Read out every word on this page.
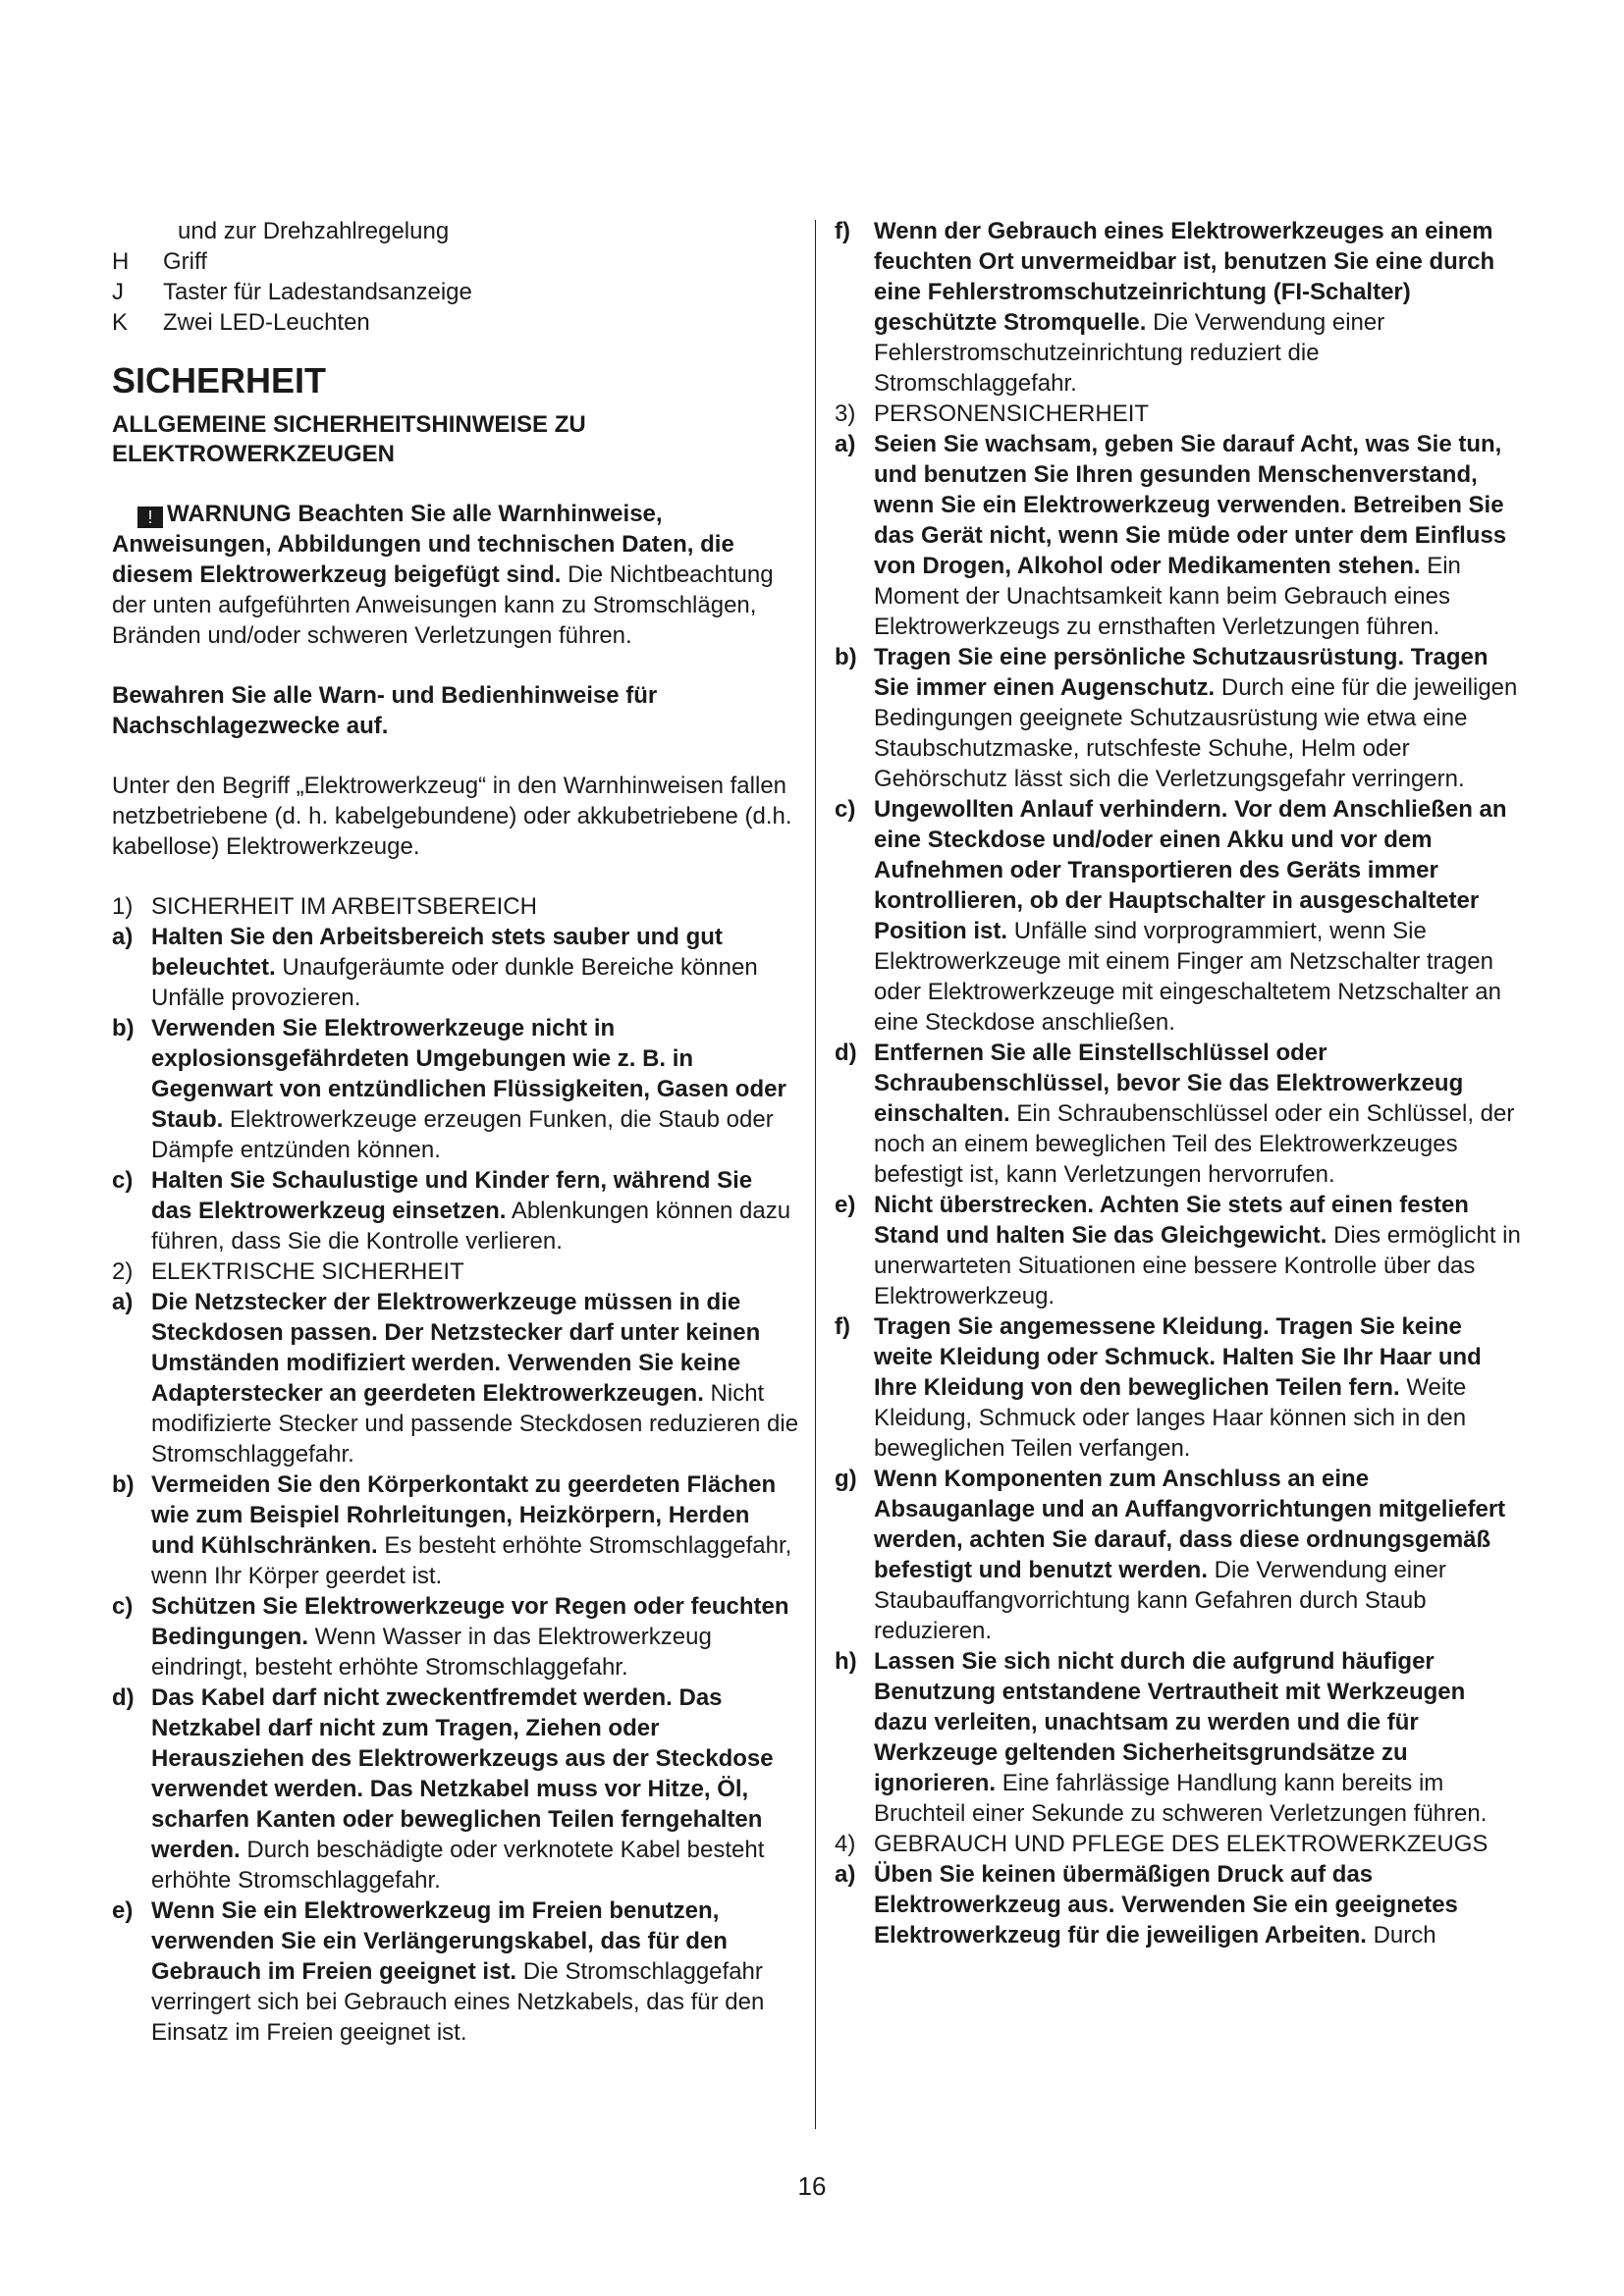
und zur Drehzahlregelung
H	Griff
J	Taster für Ladestandsanzeige
K	Zwei LED-Leuchten
SICHERHEIT
ALLGEMEINE SICHERHEITSHINWEISE ZU ELEKTROWERKZEUGEN

! WARNUNG Beachten Sie alle Warnhinweise, Anweisungen, Abbildungen und technischen Daten, die diesem Elektrowerkzeug beigefügt sind. Die Nichtbeachtung der unten aufgeführten Anweisungen kann zu Stromschlägen, Bränden und/oder schweren Verletzungen führen.

Bewahren Sie alle Warn- und Bedienhinweise für Nachschlagezwecke auf.

Unter den Begriff „Elektrowerkzeug“ in den Warnhinweisen fallen netzbetriebene (d. h. kabelgebundene) oder akkubetriebene (d.h. kabellose) Elektrowerkzeuge.

1) SICHERHEIT IM ARBEITSBEREICH
a) Halten Sie den Arbeitsbereich stets sauber und gut beleuchtet. Unaufgeräumte oder dunkle Bereiche können Unfälle provozieren.
b) Verwenden Sie Elektrowerkzeuge nicht in explosionsgefährdeten Umgebungen wie z. B. in Gegenwart von entzündlichen Flüssigkeiten, Gasen oder Staub. Elektrowerkzeuge erzeugen Funken, die Staub oder Dämpfe entzünden können.
c) Halten Sie Schaulustige und Kinder fern, während Sie das Elektrowerkzeug einsetzen. Ablenkungen können dazu führen, dass Sie die Kontrolle verlieren.
2) ELEKTRISCHE SICHERHEIT
a) Die Netzstecker der Elektrowerkzeuge müssen in die Steckdosen passen. Der Netzstecker darf unter keinen Umständen modifiziert werden. Verwenden Sie keine Adapterstecker an geerdeten Elektrowerkzeugen. Nicht modifizierte Stecker und passende Steckdosen reduzieren die Stromschlaggefahr.
b) Vermeiden Sie den Körperkontakt zu geerdeten Flächen wie zum Beispiel Rohrleitungen, Heizkörpern, Herden und Kühlschränken. Es besteht erhöhte Stromschlaggefahr, wenn Ihr Körper geerdet ist.
c) Schützen Sie Elektrowerkzeuge vor Regen oder feuchten Bedingungen. Wenn Wasser in das Elektrowerkzeug eindringt, besteht erhöhte Stromschlaggefahr.
d) Das Kabel darf nicht zweckentfremdet werden. Das Netzkabel darf nicht zum Tragen, Ziehen oder Herausziehen des Elektrowerkzeugs aus der Steckdose verwendet werden. Das Netzkabel muss vor Hitze, Öl, scharfen Kanten oder beweglichen Teilen ferngehalten werden. Durch beschädigte oder verknotete Kabel besteht erhöhte Stromschlaggefahr.
e) Wenn Sie ein Elektrowerkzeug im Freien benutzen, verwenden Sie ein Verlängerungskabel, das für den Gebrauch im Freien geeignet ist. Die Stromschlaggefahr verringert sich bei Gebrauch eines Netzkabels, das für den Einsatz im Freien geeignet ist.
f)	Wenn der Gebrauch eines Elektrowerkzeuges an einem feuchten Ort unvermeidbar ist, benutzen Sie eine durch eine Fehlerstromschutzeinrichtung (FI-Schalter) geschützte Stromquelle. Die Verwendung einer Fehlerstromschutzeinrichtung reduziert die Stromschlaggefahr.
3) PERSONENSICHERHEIT
a) Seien Sie wachsam, geben Sie darauf Acht, was Sie tun, und benutzen Sie Ihren gesunden Menschenverstand, wenn Sie ein Elektrowerkzeug verwenden. Betreiben Sie das Gerät nicht, wenn Sie müde oder unter dem Einfluss von Drogen, Alkohol oder Medikamenten stehen. Ein Moment der Unachtsamkeit kann beim Gebrauch eines Elektrowerkzeugs zu ernsthaften Verletzungen führen.
b) Tragen Sie eine persönliche Schutzausrüstung. Tragen Sie immer einen Augenschutz. Durch eine für die jeweiligen Bedingungen geeignete Schutzausrüstung wie etwa eine Staubschutzmaske, rutschfeste Schuhe, Helm oder Gehörschutz lässt sich die Verletzungsgefahr verringern.
c) Ungewollten Anlauf verhindern. Vor dem Anschließen an eine Steckdose und/oder einen Akku und vor dem Aufnehmen oder Transportieren des Geräts immer kontrollieren, ob der Hauptschalter in ausgeschalteter Position ist. Unfälle sind vorprogrammiert, wenn Sie Elektrowerkzeuge mit einem Finger am Netzschalter tragen oder Elektrowerkzeuge mit eingeschaltetem Netzschalter an eine Steckdose anschließen.
d) Entfernen Sie alle Einstellschlüssel oder Schraubenschlüssel, bevor Sie das Elektrowerkzeug einschalten. Ein Schraubenschlüssel oder ein Schlüssel, der noch an einem beweglichen Teil des Elektrowerkzeuges befestigt ist, kann Verletzungen hervorrufen.
e) Nicht überstrecken. Achten Sie stets auf einen festen Stand und halten Sie das Gleichgewicht. Dies ermöglicht in unerwarteten Situationen eine bessere Kontrolle über das Elektrowerkzeug.
f)	Tragen Sie angemessene Kleidung. Tragen Sie keine weite Kleidung oder Schmuck. Halten Sie Ihr Haar und Ihre Kleidung von den beweglichen Teilen fern. Weite Kleidung, Schmuck oder langes Haar können sich in den beweglichen Teilen verfangen.
g) Wenn Komponenten zum Anschluss an eine Absauganlage und an Auffangvorrichtungen mitgeliefert werden, achten Sie darauf, dass diese ordnungsgemäß befestigt und benutzt werden. Die Verwendung einer Staubauffangvorrichtung kann Gefahren durch Staub reduzieren.
h) Lassen Sie sich nicht durch die aufgrund häufiger Benutzung entstandene Vertrautheit mit Werkzeugen dazu verleiten, unachtsam zu werden und die für Werkzeuge geltenden Sicherheitsgrundsätze zu ignorieren. Eine fahrlässige Handlung kann bereits im Bruchteil einer Sekunde zu schweren Verletzungen führen.
4) GEBRAUCH UND PFLEGE DES ELEKTROWERKZEUGS
a) Üben Sie keinen übermäßigen Druck auf das Elektrowerkzeug aus. Verwenden Sie ein geeignetes Elektrowerkzeug für die jeweiligen Arbeiten. Durch
16
